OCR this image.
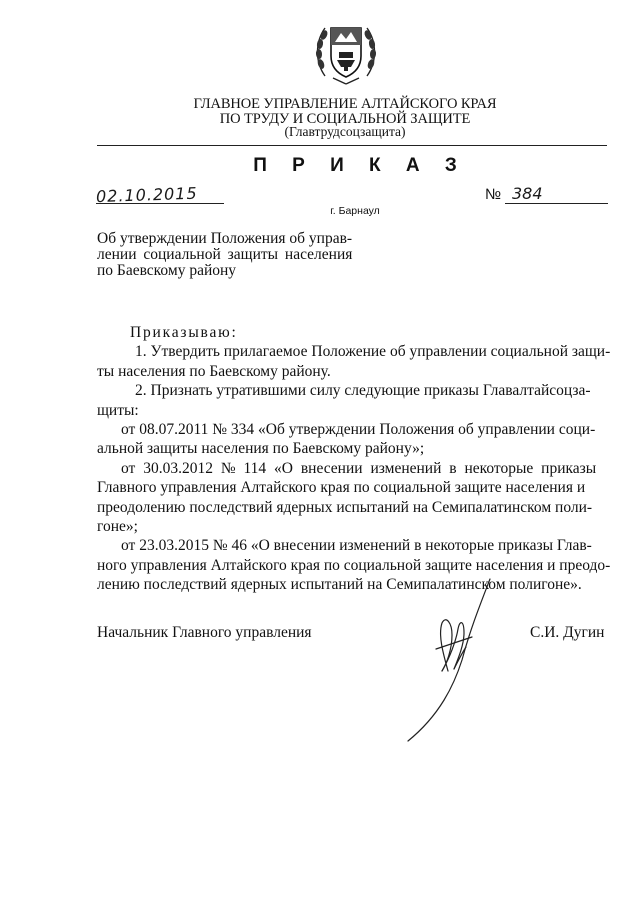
ГЛАВНОЕ УПРАВЛЕНИЕ АЛТАЙСКОГО КРАЯ
ПО ТРУДУ И СОЦИАЛЬНОЙ ЗАЩИТЕ
(Главтрудсоцзащита)
П Р И К А З
02.10.2015	№ 384
г. Барнаул
Об утверждении Положения об управ-
лении социальной защиты населения
по Баевскому району
Приказываю:
1. Утвердить прилагаемое Положение об управлении социальной защи-
ты населения по Баевскому району.
2. Признать утратившими силу следующие приказы Главалтайсоцза-
щиты:
от 08.07.2011 № 334 «Об утверждении Положения об управлении соци-
альной защиты населения по Баевскому району»;
от 30.03.2012 № 114 «О внесении изменений в некоторые приказы
Главного управления Алтайского края по социальной защите населения и
преодолению последствий ядерных испытаний на Семипалатинском поли-
гоне»;
от 23.03.2015 № 46 «О внесении изменений в некоторые приказы Глав-
ного управления Алтайского края по социальной защите населения и преодо-
лению последствий ядерных испытаний на Семипалатинском полигоне».
Начальник Главного управления	С.И. Дугин
